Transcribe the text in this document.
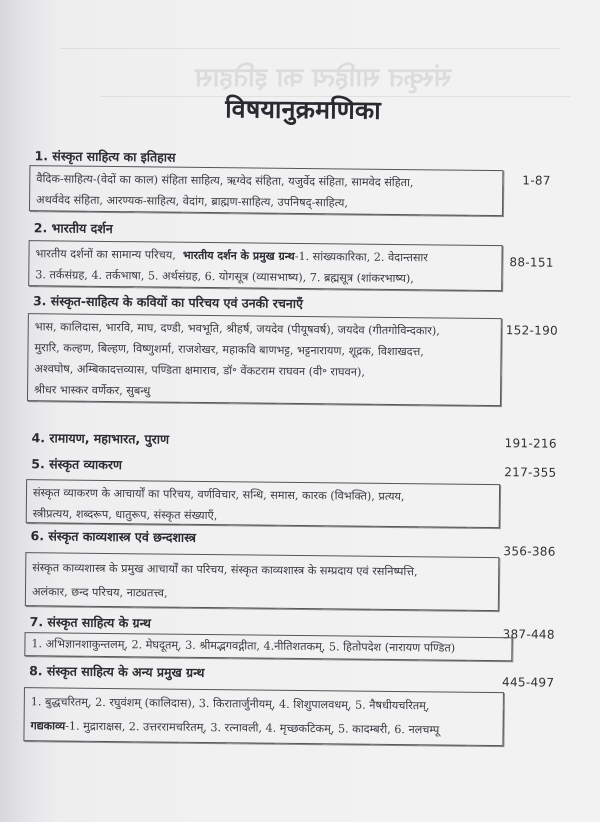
संस्कृत साहित्य का इतिहास
विषयानुक्रमणिका
1. संस्कृत साहित्य का इतिहास
1-87
वैदिक-साहित्य-(वेदों का काल) संहिता साहित्य, ऋग्वेद संहिता, यजुर्वेद संहिता, सामवेद संहिता,
अथर्ववेद संहिता, आरण्यक-साहित्य, वेदांग, ब्राह्मण-साहित्य, उपनिषद्-साहित्य,
2. भारतीय दर्शन
88-151
भारतीय दर्शनों का सामान्य परिचय, भारतीय दर्शन के प्रमुख ग्रन्थ-1. सांख्यकारिका, 2. वेदान्तसार
3. तर्कसंग्रह, 4. तर्कभाषा, 5. अर्थसंग्रह, 6. योगसूत्र (व्यासभाष्य), 7. ब्रह्मसूत्र (शांकरभाष्य),
3. संस्कृत-साहित्य के कवियों का परिचय एवं उनकी रचनाएँ
152-190
भास, कालिदास, भारवि, माघ, दण्डी, भवभूति, श्रीहर्ष, जयदेव (पीयूषवर्ष), जयदेव (गीतगोविन्दकार),
मुरारि, कल्हण, बिल्हण, विष्णुशर्मा, राजशेखर, महाकवि बाणभट्ट, भट्टनारायण, शूद्रक, विशाखदत्त,
अश्वघोष, अम्बिकादत्तव्यास, पण्डिता क्षमाराव, डॉ॰ वेंकटराम राघवन (वी॰ राघवन),
श्रीधर भास्कर वर्णेकर, सुबन्धु
4. रामायण, महाभारत, पुराण	191-216
5. संस्कृत व्याकरण
217-355
संस्कृत व्याकरण के आचार्यों का परिचय, वर्णविचार, सन्धि, समास, कारक (विभक्ति), प्रत्यय,
स्त्रीप्रत्यय, शब्दरूप, धातुरूप, संस्कृत संख्याएँ,
6. संस्कृत काव्यशास्त्र एवं छन्दशास्त्र
356-386
संस्कृत काव्यशास्त्र के प्रमुख आचार्यों का परिचय, संस्कृत काव्यशास्त्र के सम्प्रदाय एवं रसनिष्पत्ति,
अलंकार, छन्द परिचय, नाट्यतत्त्व,
7. संस्कृत साहित्य के ग्रन्थ
387-448
1. अभिज्ञानशाकुन्तलम्, 2. मेघदूतम्, 3. श्रीमद्भगवद्गीता, 4.नीतिशतकम्, 5. हितोपदेश (नारायण पण्डित)
8. संस्कृत साहित्य के अन्य प्रमुख ग्रन्थ
445-497
1. बुद्धचरितम्, 2. रघुवंशम् (कालिदास), 3. किरातार्जुनीयम्, 4. शिशुपालवधम्, 5. नैषधीयचरितम्,
गद्यकाव्य-1. मुद्राराक्षस, 2. उत्तररामचरितम्, 3. रत्नावली, 4. मृच्छकटिकम्, 5. कादम्बरी, 6. नलचम्पू
